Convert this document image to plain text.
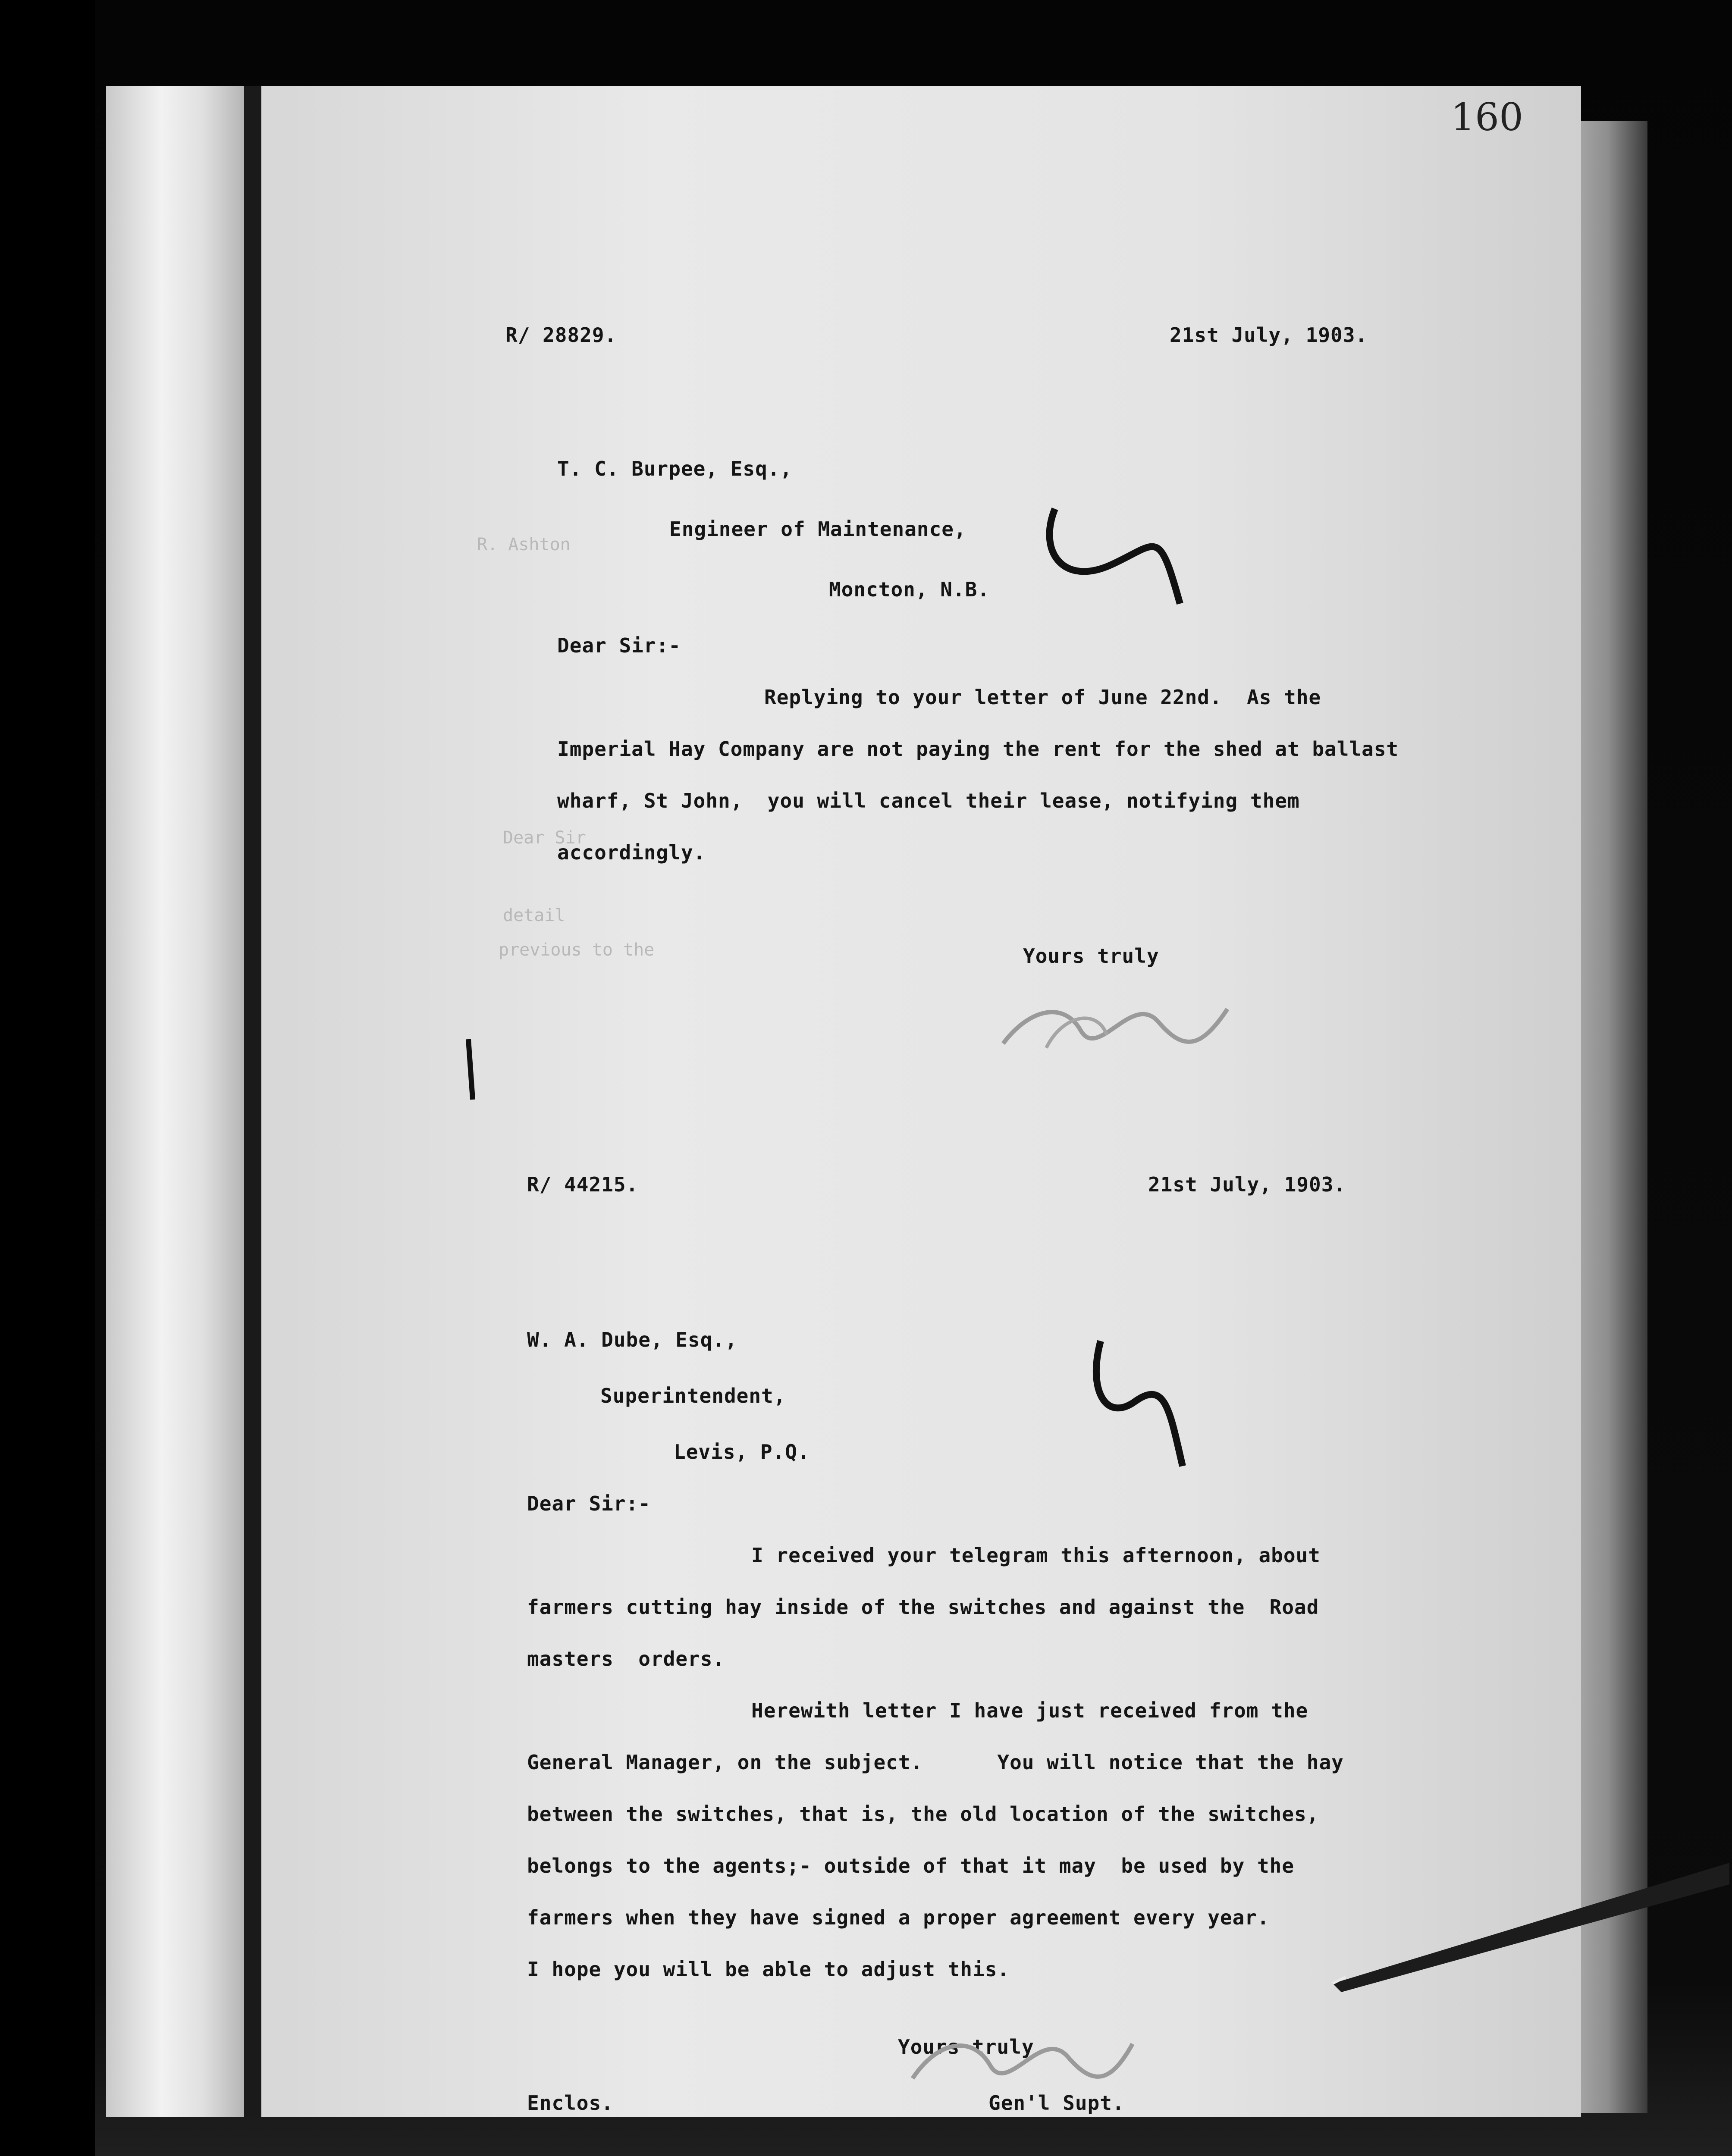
160
R. Ashton
Dear Sir
detail
previous to the
R/ 28829.	21st July, 1903.
T. C. Burpee, Esq.,
Engineer of Maintenance,
Moncton, N.B.
Dear Sir:-
Replying to your letter of June 22nd.  As the
Imperial Hay Company are not paying the rent for the shed at ballast
wharf, St John,  you will cancel their lease, notifying them
accordingly.
Yours truly
R/ 44215.	21st July, 1903.
W. A. Dube, Esq.,
Superintendent,
Levis, P.Q.
Dear Sir:-
I received your telegram this afternoon, about
farmers cutting hay inside of the switches and against the  Road
masters  orders.
Herewith letter I have just received from the
General Manager, on the subject.      You will notice that the hay
between the switches, that is, the old location of the switches,
belongs to the agents;- outside of that it may  be used by the
farmers when they have signed a proper agreement every year.
I hope you will be able to adjust this.
Yours truly
Enclos.	Gen'l Supt.
